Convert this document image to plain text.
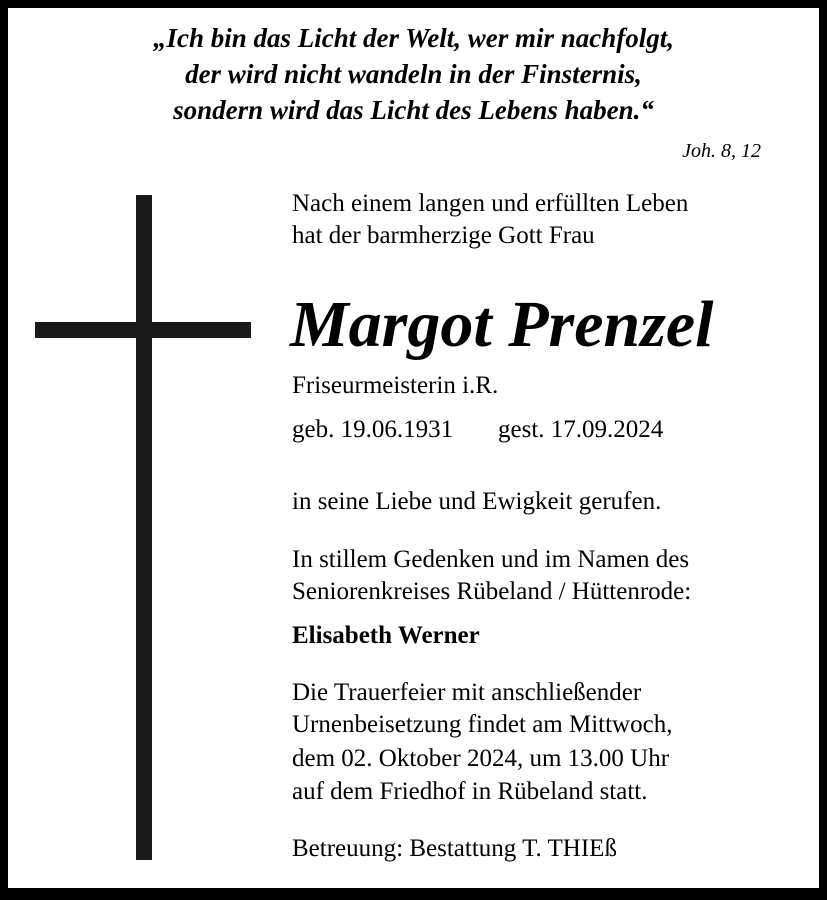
„Ich bin das Licht der Welt, wer mir nachfolgt,
der wird nicht wandeln in der Finsternis,
sondern wird das Licht des Lebens haben.“
Joh. 8, 12
Nach einem langen und erfüllten Leben
hat der barmherzige Gott Frau
Margot Prenzel
Friseurmeisterin i.R.
geb. 19.06.1931 gest. 17.09.2024
in seine Liebe und Ewigkeit gerufen.
In stillem Gedenken und im Namen des
Seniorenkreises Rübeland / Hüttenrode:
Elisabeth Werner
Die Trauerfeier mit anschließender
Urnenbeisetzung findet am Mittwoch,
dem 02. Oktober 2024, um 13.00 Uhr
auf dem Friedhof in Rübeland statt.
Betreuung: Bestattung T. THIEß
